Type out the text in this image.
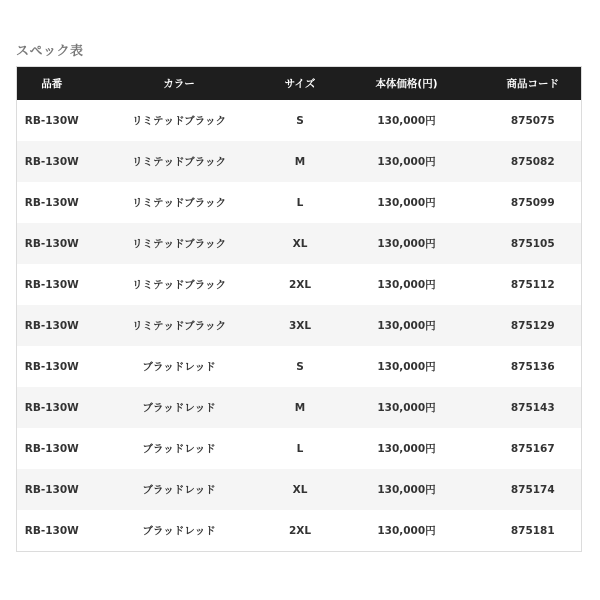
スペック表
品番	カラー	サイズ	本体価格(円)	商品コード
RB-130W	リミテッドブラック	S	130,000円	875075
RB-130W	リミテッドブラック	M	130,000円	875082
RB-130W	リミテッドブラック	L	130,000円	875099
RB-130W	リミテッドブラック	XL	130,000円	875105
RB-130W	リミテッドブラック	2XL	130,000円	875112
RB-130W	リミテッドブラック	3XL	130,000円	875129
RB-130W	ブラッドレッド	S	130,000円	875136
RB-130W	ブラッドレッド	M	130,000円	875143
RB-130W	ブラッドレッド	L	130,000円	875167
RB-130W	ブラッドレッド	XL	130,000円	875174
RB-130W	ブラッドレッド	2XL	130,000円	875181
